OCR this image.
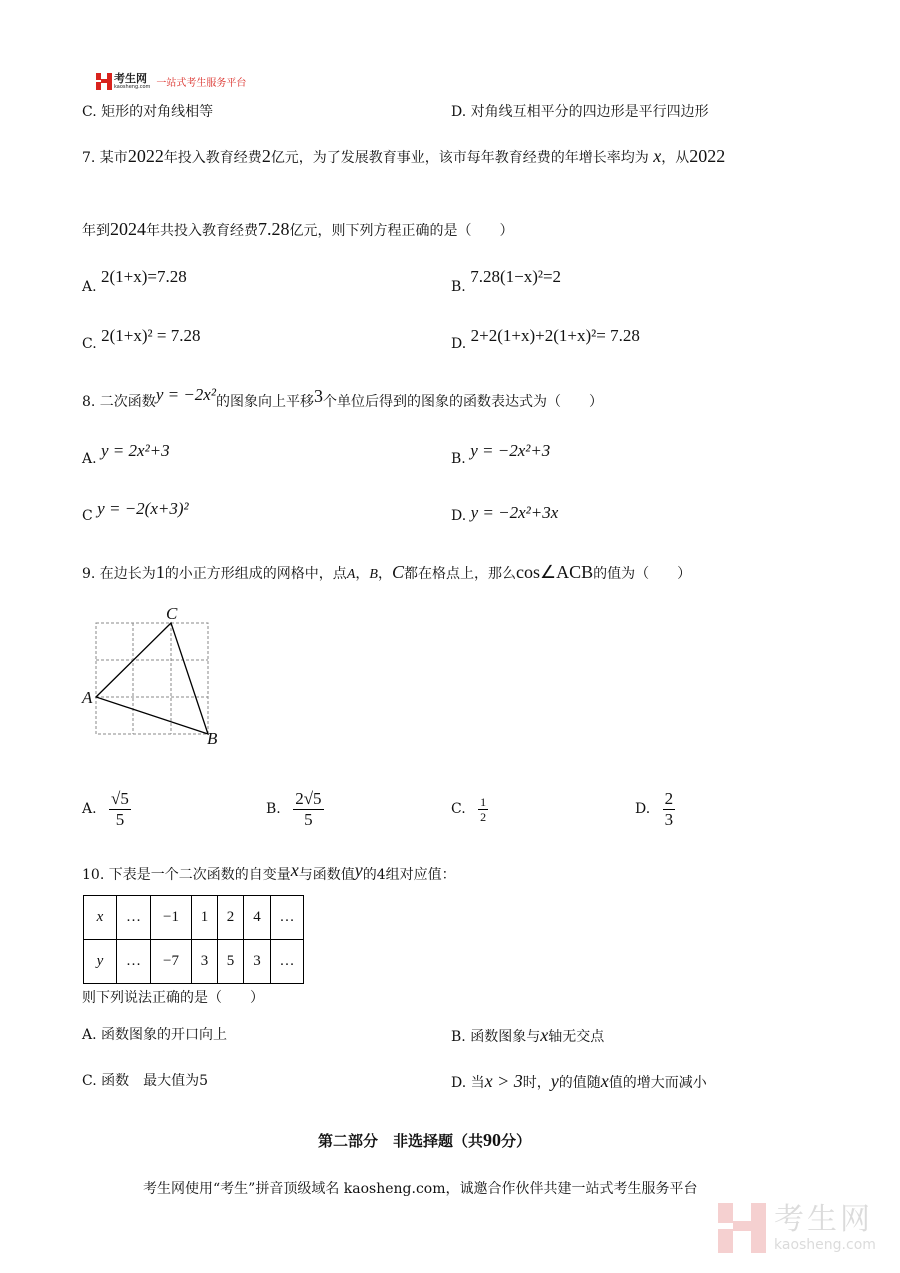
考生网
kaosheng.com 一站式考生服务平台
C. 矩形的对角线相等	D. 对角线互相平分的四边形是平行四边形
7. 某市2022年投入教育经费2亿元，为了发展教育事业，该市每年教育经费的年增长率均为 x，从2022
年到2024年共投入教育经费7.28亿元，则下列方程正确的是（　　）
A. 2(1+x)=7.28
B. 7.28(1−x)²=2
C. 2(1+x)² = 7.28	D. 2+2(1+x)+2(1+x)²= 7.28
8. 二次函数y = −2x²的图象向上平移3个单位后得到的图象的函数表达式为（　　）
A. y = 2x²+3	B. y = −2x²+3
C y = −2(x+3)²	D. y = −2x²+3x
9. 在边长为1的小正方形组成的网格中，点A，B，C都在格点上，那么cos∠ACB的值为（　　）
C
A
B
A. $\frac{√5}{5}$	B. $\frac{2√5}{5}$	C. $\frac{1}{2}$	D. $\frac{2}{3}$
10. 下表是一个二次函数的自变量x与函数值y的4组对应值：
x	…	−1	1	2	4	…
y	…	−7	3	5	3	…
则下列说法正确的是（　　）
A. 函数图象的开口向上	B. 函数图象与x轴无交点
C. 函数　最大值为5	D. 当x > 3时，y的值随x值的增大而减小
第二部分　非选择题（共90分）
考生网使用“考生”拼音顶级域名 kaosheng.com，诚邀合作伙伴共建一站式考生服务平台
考生网
kaosheng.com
